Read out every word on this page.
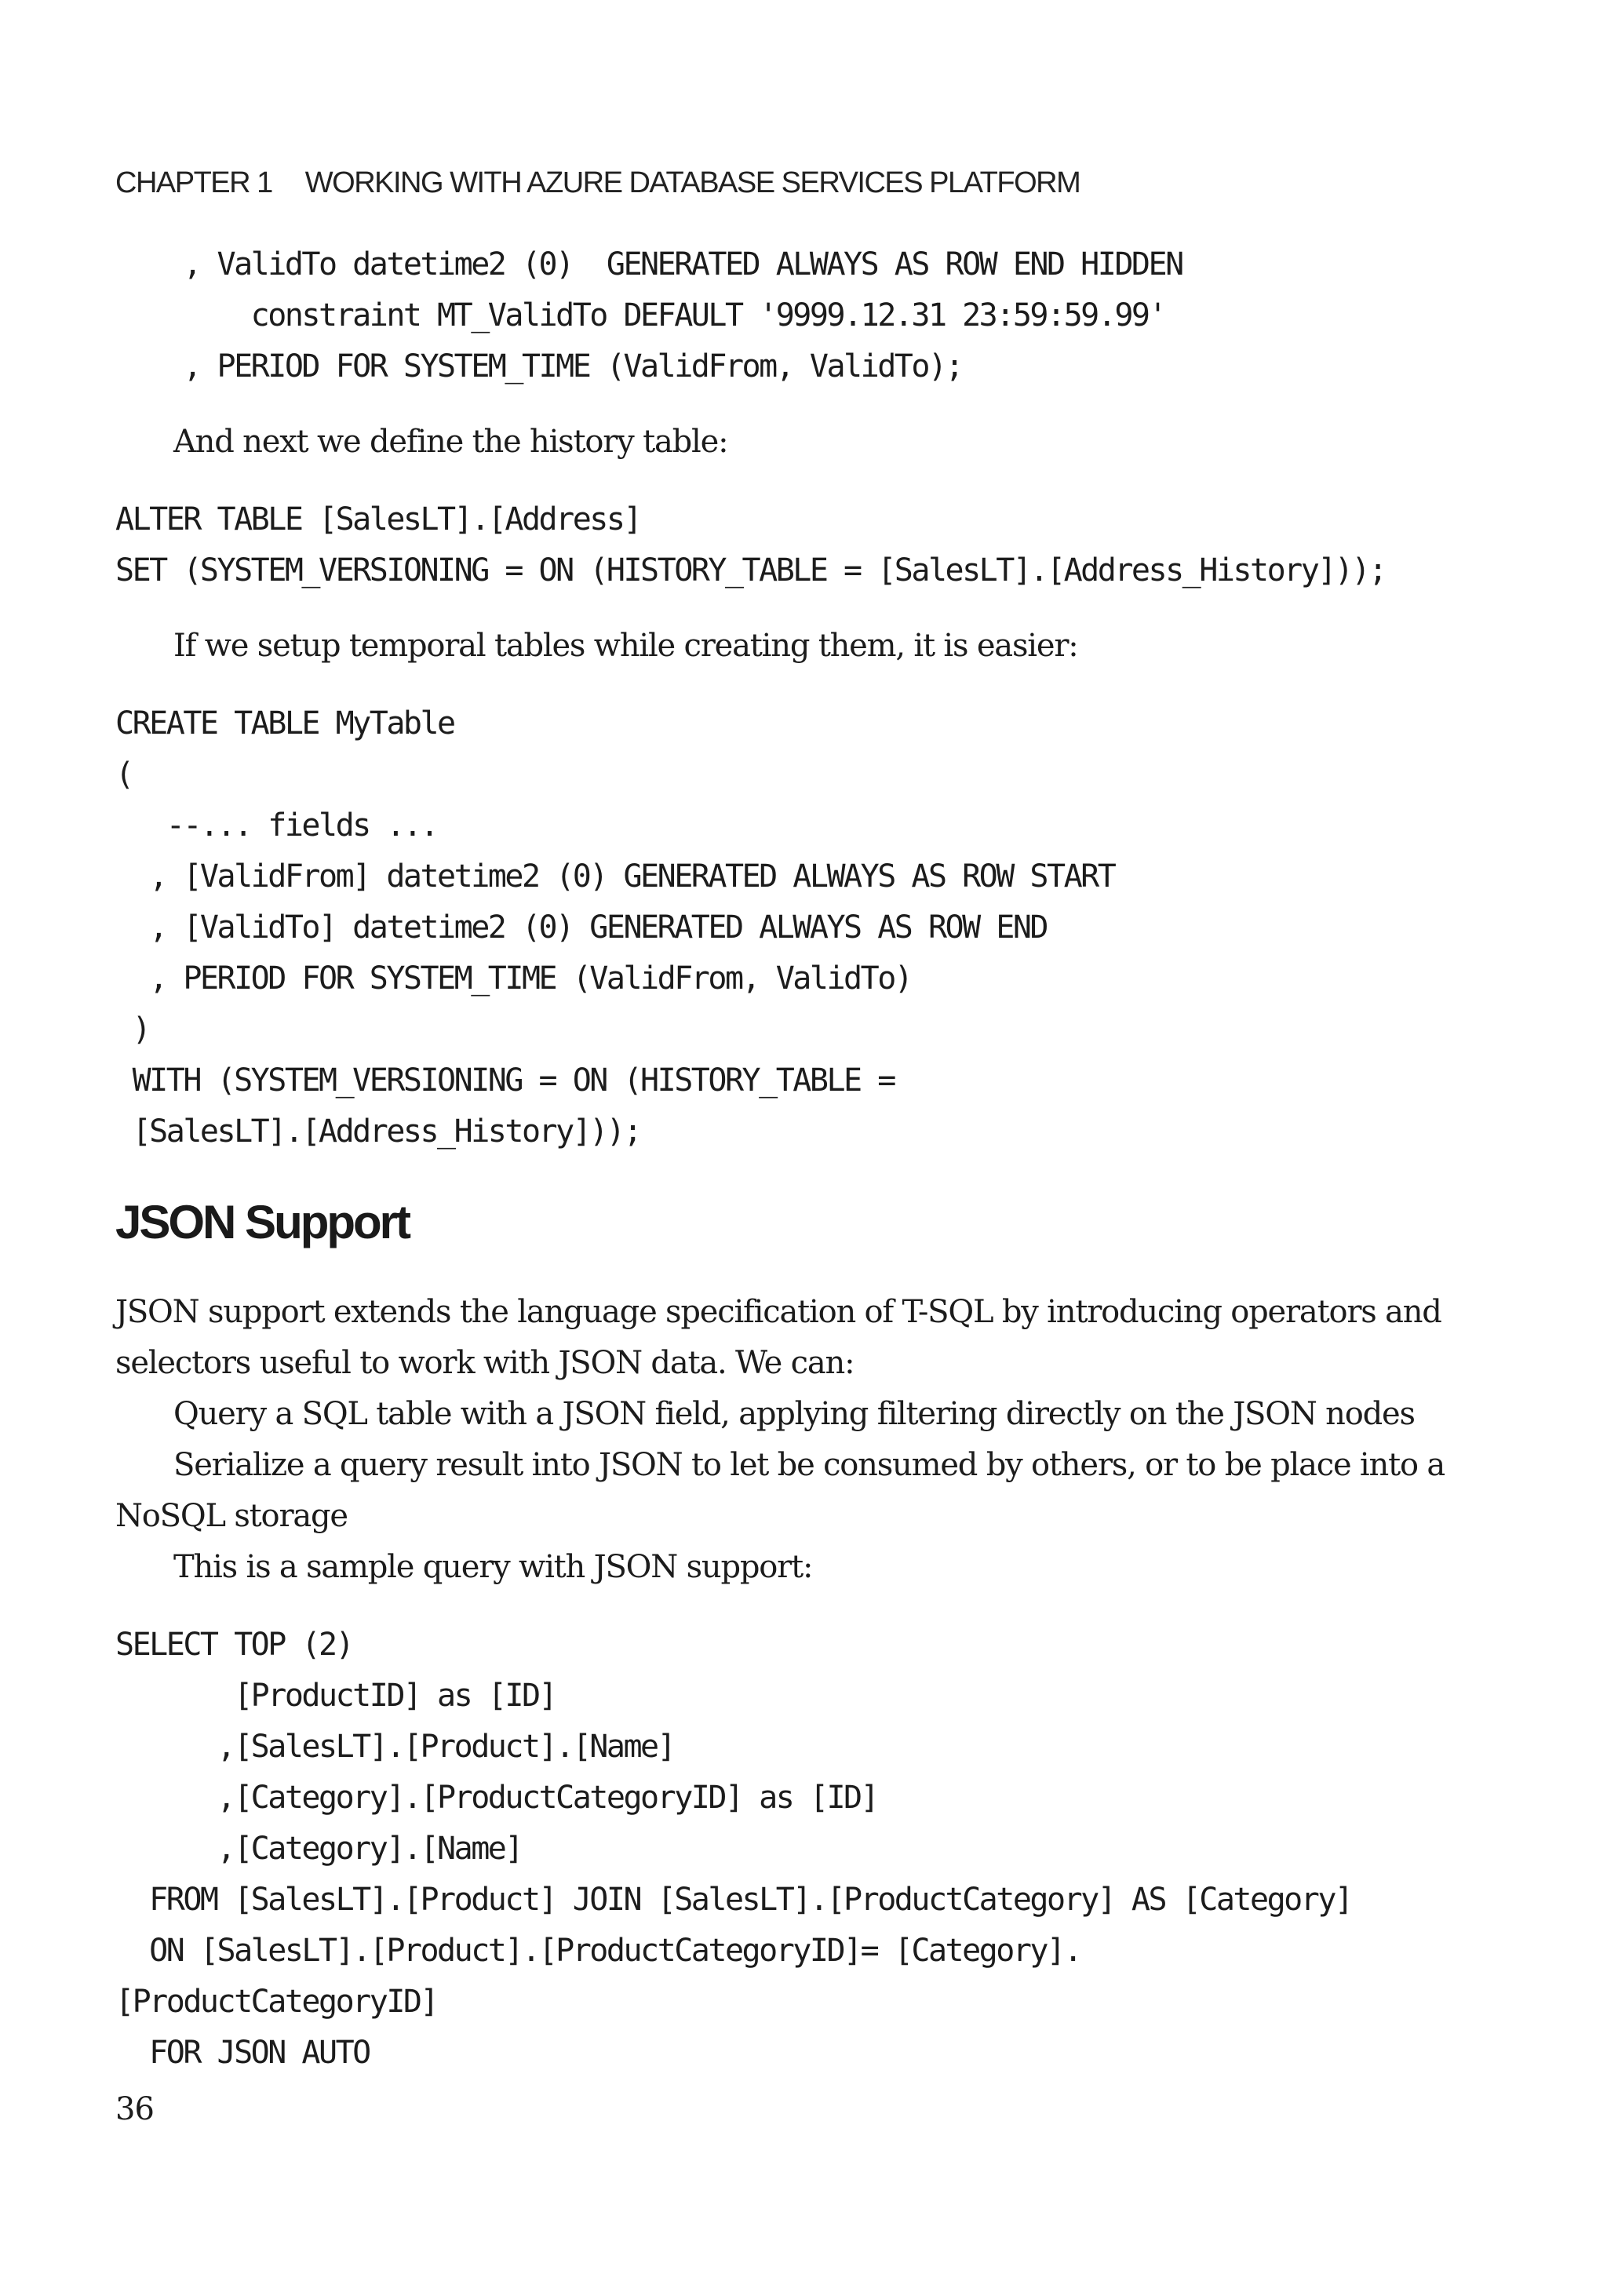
CHAPTER 1 WORKING WITH AZURE DATABASE SERVICES PLATFORM
, ValidTo datetime2 (0)  GENERATED ALWAYS AS ROW END HIDDEN
constraint MT_ValidTo DEFAULT '9999.12.31 23:59:59.99'
, PERIOD FOR SYSTEM_TIME (ValidFrom, ValidTo);
And next we define the history table:
ALTER TABLE [SalesLT].[Address]
SET (SYSTEM_VERSIONING = ON (HISTORY_TABLE = [SalesLT].[Address_History]));
If we setup temporal tables while creating them, it is easier:
CREATE TABLE MyTable
(
--... fields ...
, [ValidFrom] datetime2 (0) GENERATED ALWAYS AS ROW START
, [ValidTo] datetime2 (0) GENERATED ALWAYS AS ROW END
, PERIOD FOR SYSTEM_TIME (ValidFrom, ValidTo)
)
WITH (SYSTEM_VERSIONING = ON (HISTORY_TABLE =
[SalesLT].[Address_History]));
JSON Support
JSON support extends the language specification of T-SQL by introducing operators and
selectors useful to work with JSON data. We can:
Query a SQL table with a JSON field, applying filtering directly on the JSON nodes
Serialize a query result into JSON to let be consumed by others, or to be place into a
NoSQL storage
This is a sample query with JSON support:
SELECT TOP (2)
[ProductID] as [ID]
,[SalesLT].[Product].[Name]
,[Category].[ProductCategoryID] as [ID]
,[Category].[Name]
FROM [SalesLT].[Product] JOIN [SalesLT].[ProductCategory] AS [Category]
ON [SalesLT].[Product].[ProductCategoryID]= [Category].
[ProductCategoryID]
FOR JSON AUTO
36
